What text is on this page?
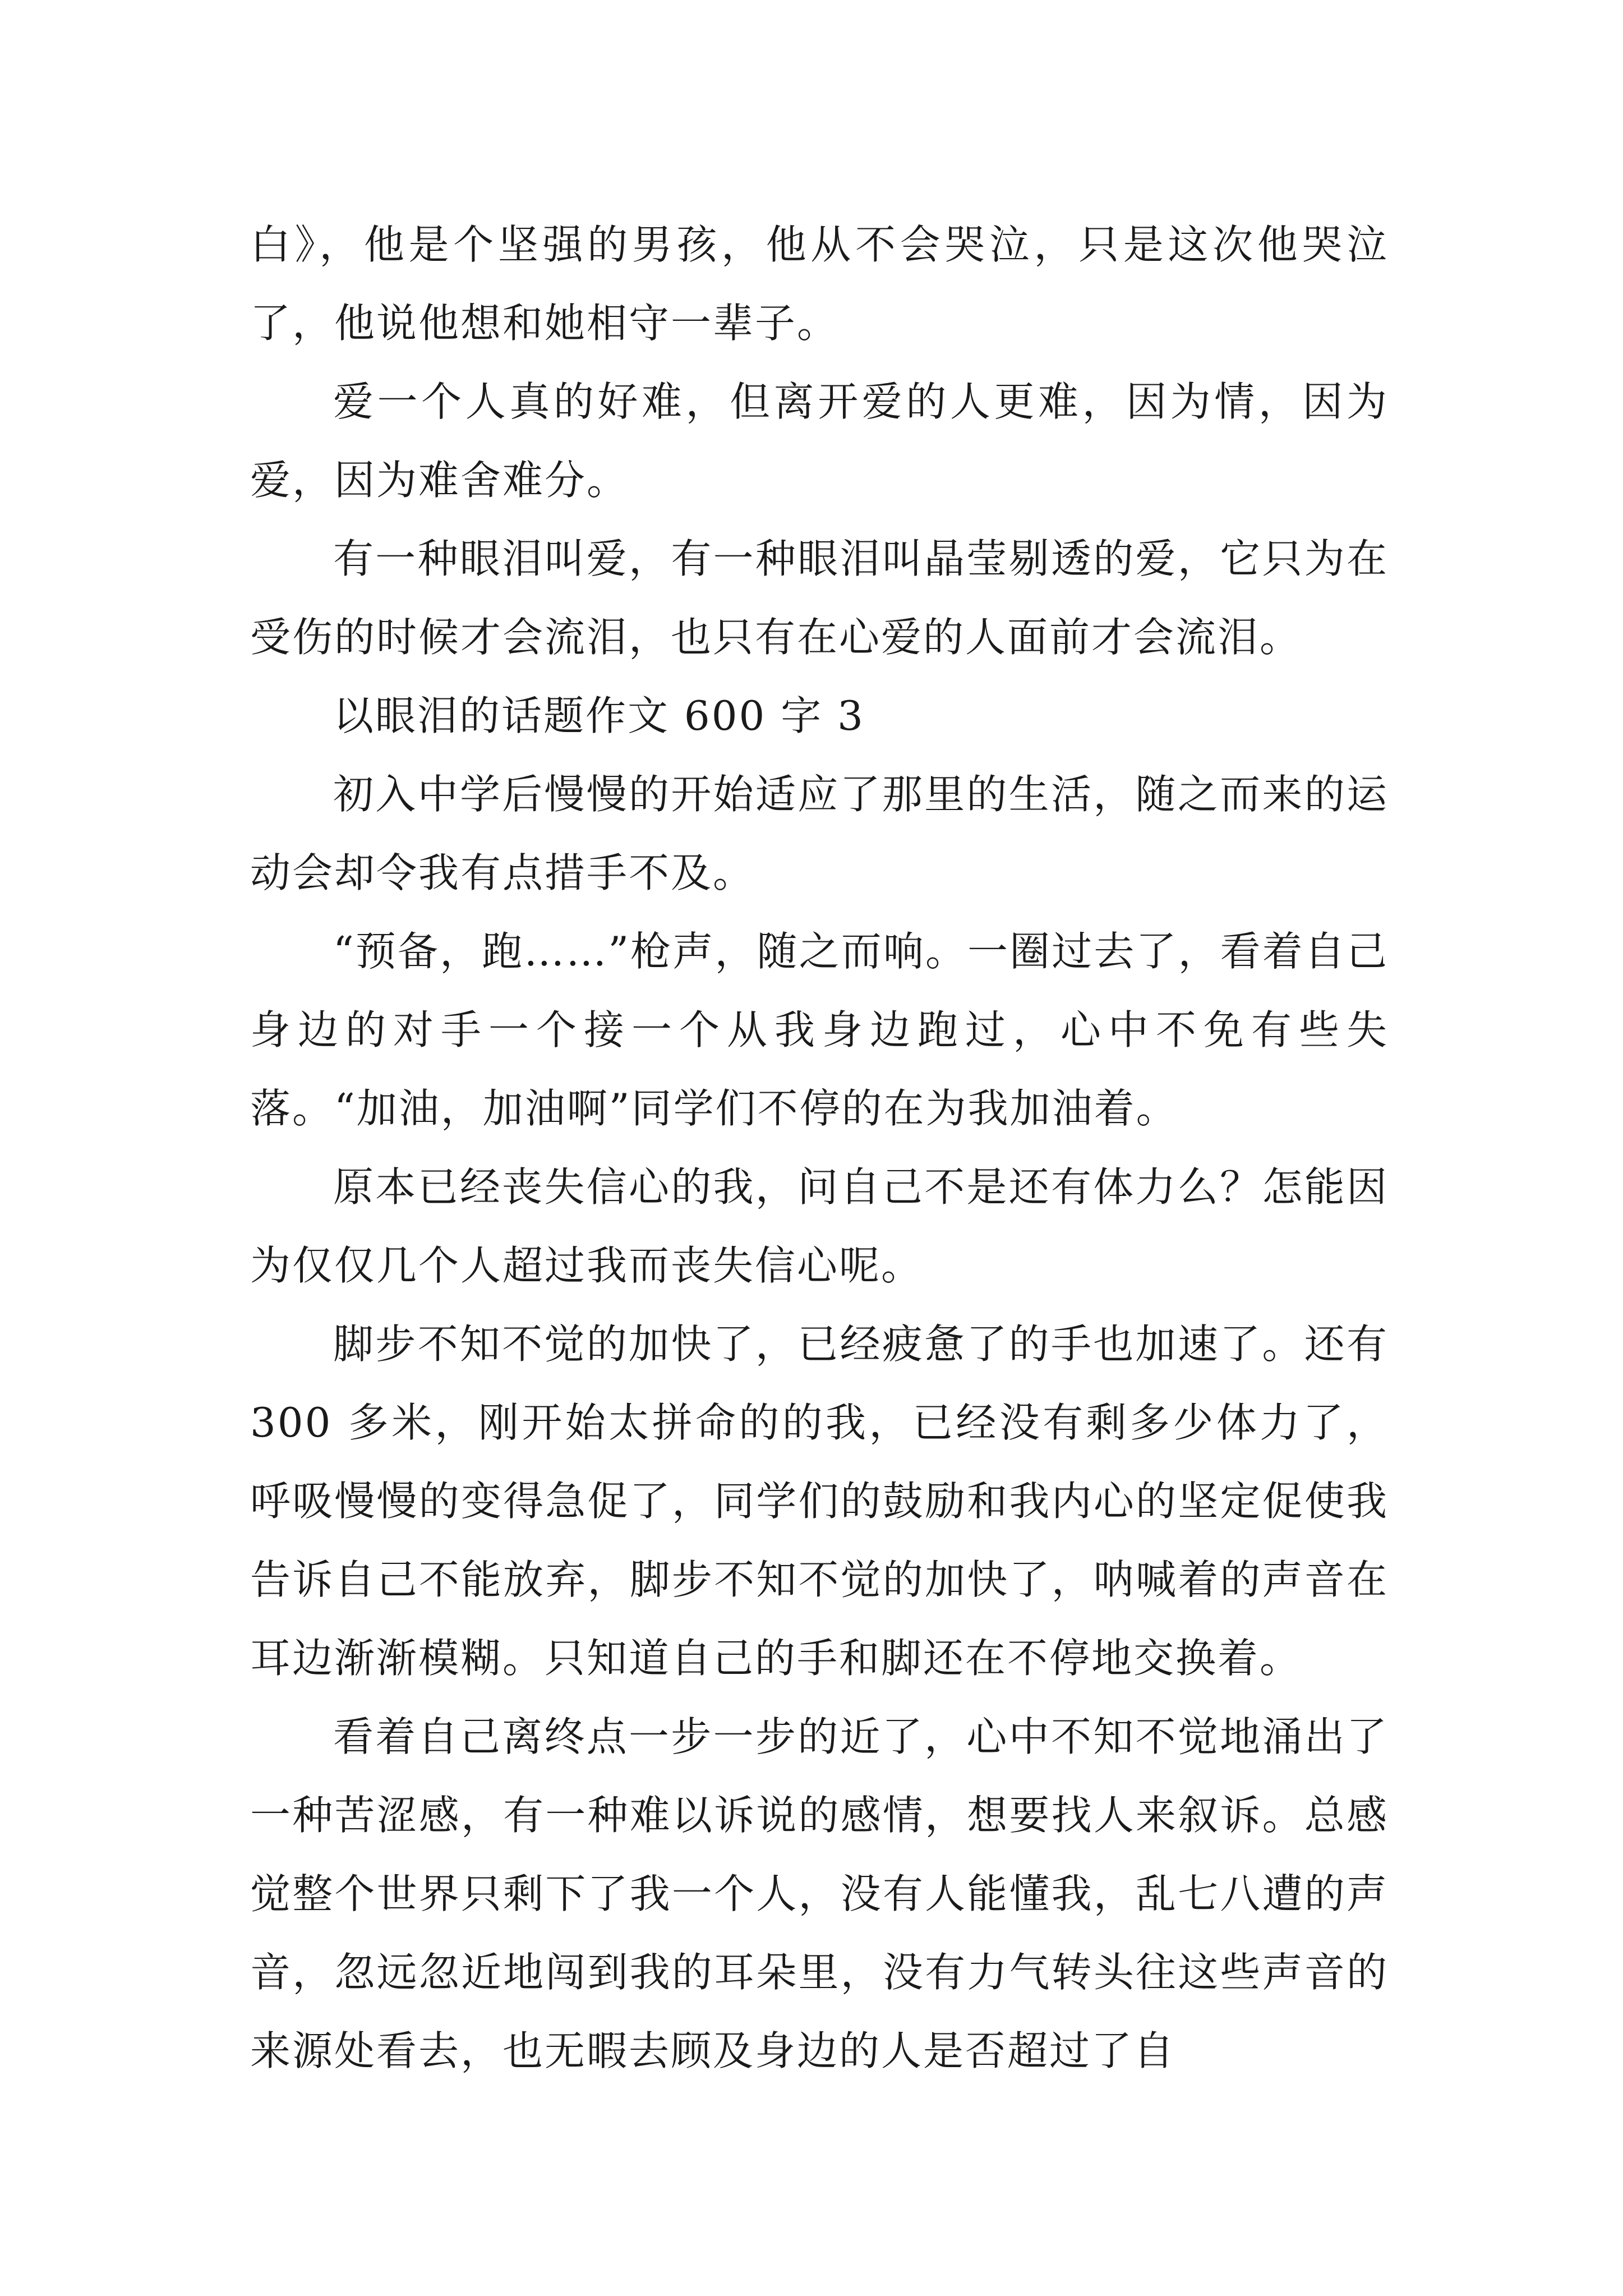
白》，他是个坚强的男孩，他从不会哭泣，只是这次他哭泣了，他说他想和她相守一辈子。

爱一个人真的好难，但离开爱的人更难，因为情，因为爱，因为难舍难分。

有一种眼泪叫爱，有一种眼泪叫晶莹剔透的爱，它只为在受伤的时候才会流泪，也只有在心爱的人面前才会流泪。

以眼泪的话题作文 600 字 3

初入中学后慢慢的开始适应了那里的生活，随之而来的运动会却令我有点措手不及。

“预备，跑……”枪声，随之而响。一圈过去了，看着自己身边的对手一个接一个从我身边跑过，心中不免有些失落。“加油，加油啊”同学们不停的在为我加油着。

原本已经丧失信心的我，问自己不是还有体力么？怎能因为仅仅几个人超过我而丧失信心呢。

脚步不知不觉的加快了，已经疲惫了的手也加速了。还有 300 多米，刚开始太拼命的的我，已经没有剩多少体力了，呼吸慢慢的变得急促了，同学们的鼓励和我内心的坚定促使我告诉自己不能放弃，脚步不知不觉的加快了，呐喊着的声音在耳边渐渐模糊。只知道自己的手和脚还在不停地交换着。

看着自己离终点一步一步的近了，心中不知不觉地涌出了一种苦涩感，有一种难以诉说的感情，想要找人来叙诉。总感觉整个世界只剩下了我一个人，没有人能懂我，乱七八遭的声音，忽远忽近地闯到我的耳朵里，没有力气转头往这些声音的来源处看去，也无暇去顾及身边的人是否超过了自
